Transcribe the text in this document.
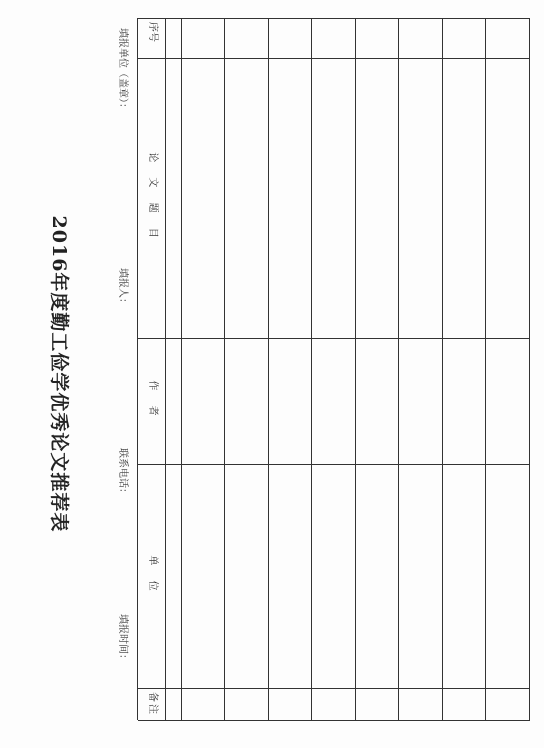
2016年度勤工俭学优秀论文推荐表
填报单位（盖章）：
填报人：
联系电话：
填报时间：
序号
论 文 题 目
作 者
单 位
备注
